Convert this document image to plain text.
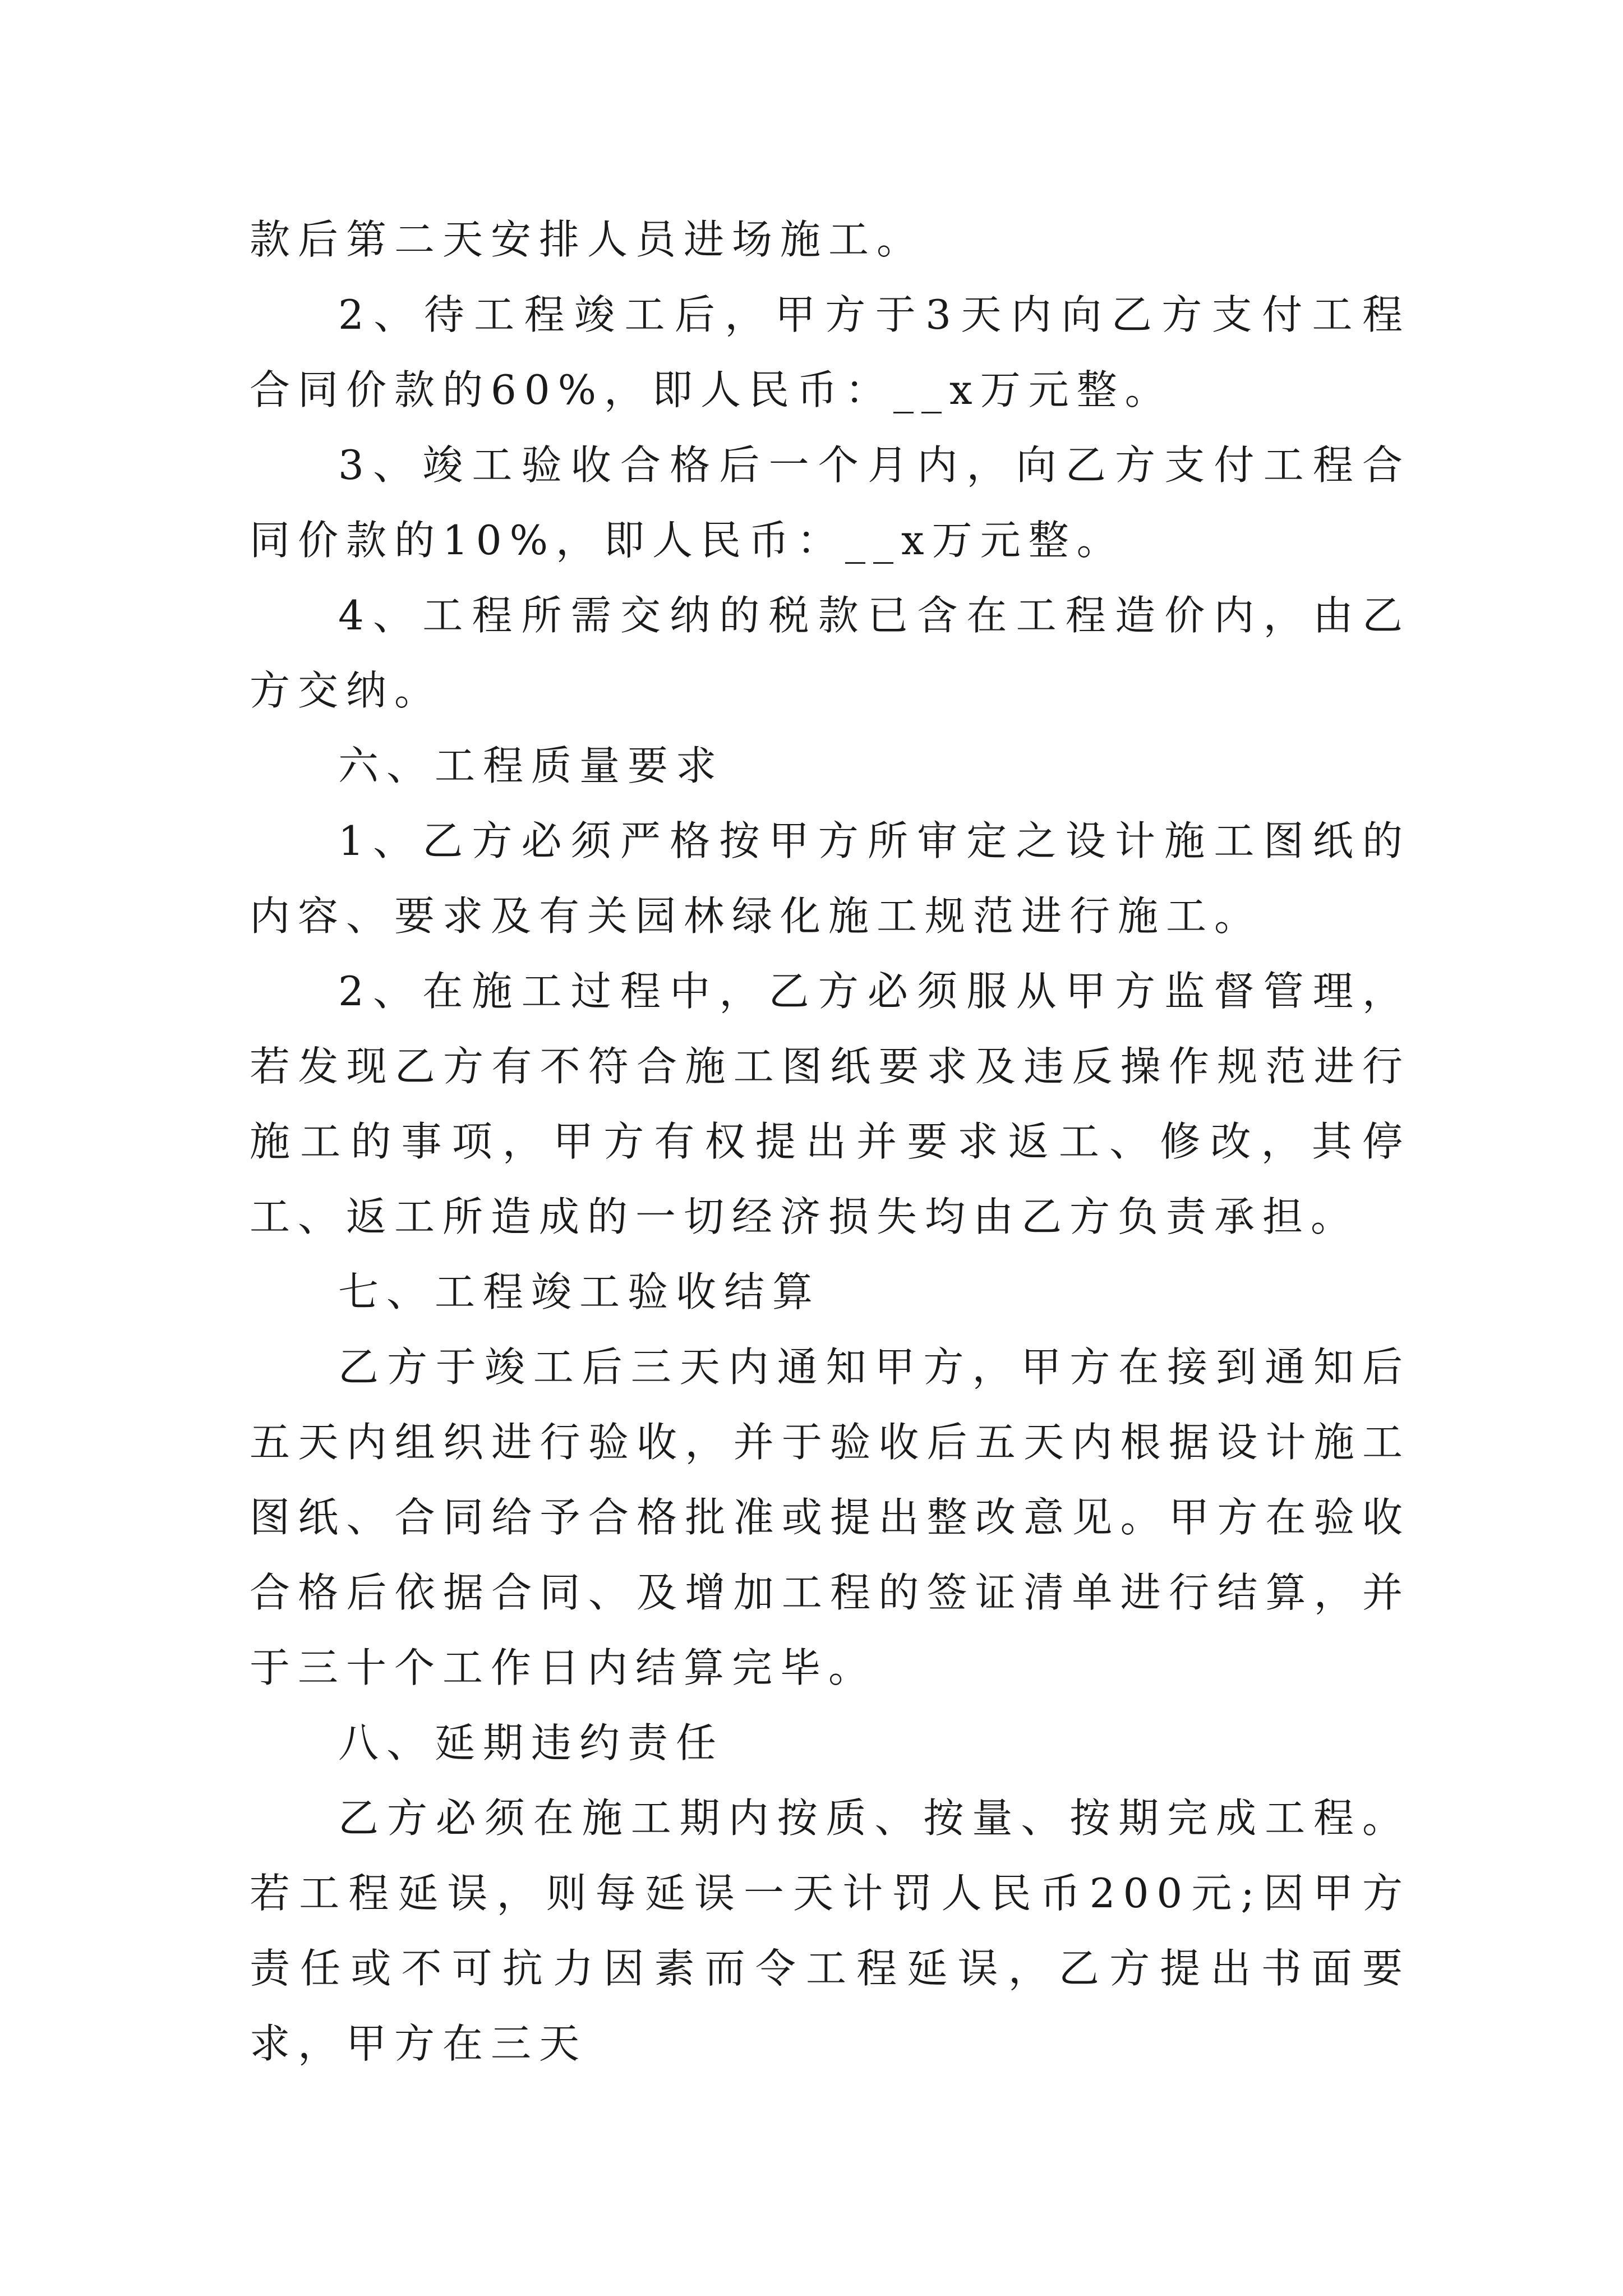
款后第二天安排人员进场施工。

2、待工程竣工后，甲方于3天内向乙方支付工程合同价款的60%，即人民币：__x万元整。

3、竣工验收合格后一个月内，向乙方支付工程合同价款的10%，即人民币：__x万元整。

4、工程所需交纳的税款已含在工程造价内，由乙方交纳。

六、工程质量要求

1、乙方必须严格按甲方所审定之设计施工图纸的内容、要求及有关园林绿化施工规范进行施工。

2、在施工过程中，乙方必须服从甲方监督管理，若发现乙方有不符合施工图纸要求及违反操作规范进行施工的事项，甲方有权提出并要求返工、修改，其停工、返工所造成的一切经济损失均由乙方负责承担。

七、工程竣工验收结算

乙方于竣工后三天内通知甲方，甲方在接到通知后五天内组织进行验收，并于验收后五天内根据设计施工图纸、合同给予合格批准或提出整改意见。甲方在验收合格后依据合同、及增加工程的签证清单进行结算，并于三十个工作日内结算完毕。

八、延期违约责任

乙方必须在施工期内按质、按量、按期完成工程。若工程延误，则每延误一天计罚人民币200元;因甲方责任或不可抗力因素而令工程延误，乙方提出书面要求，甲方在三天
